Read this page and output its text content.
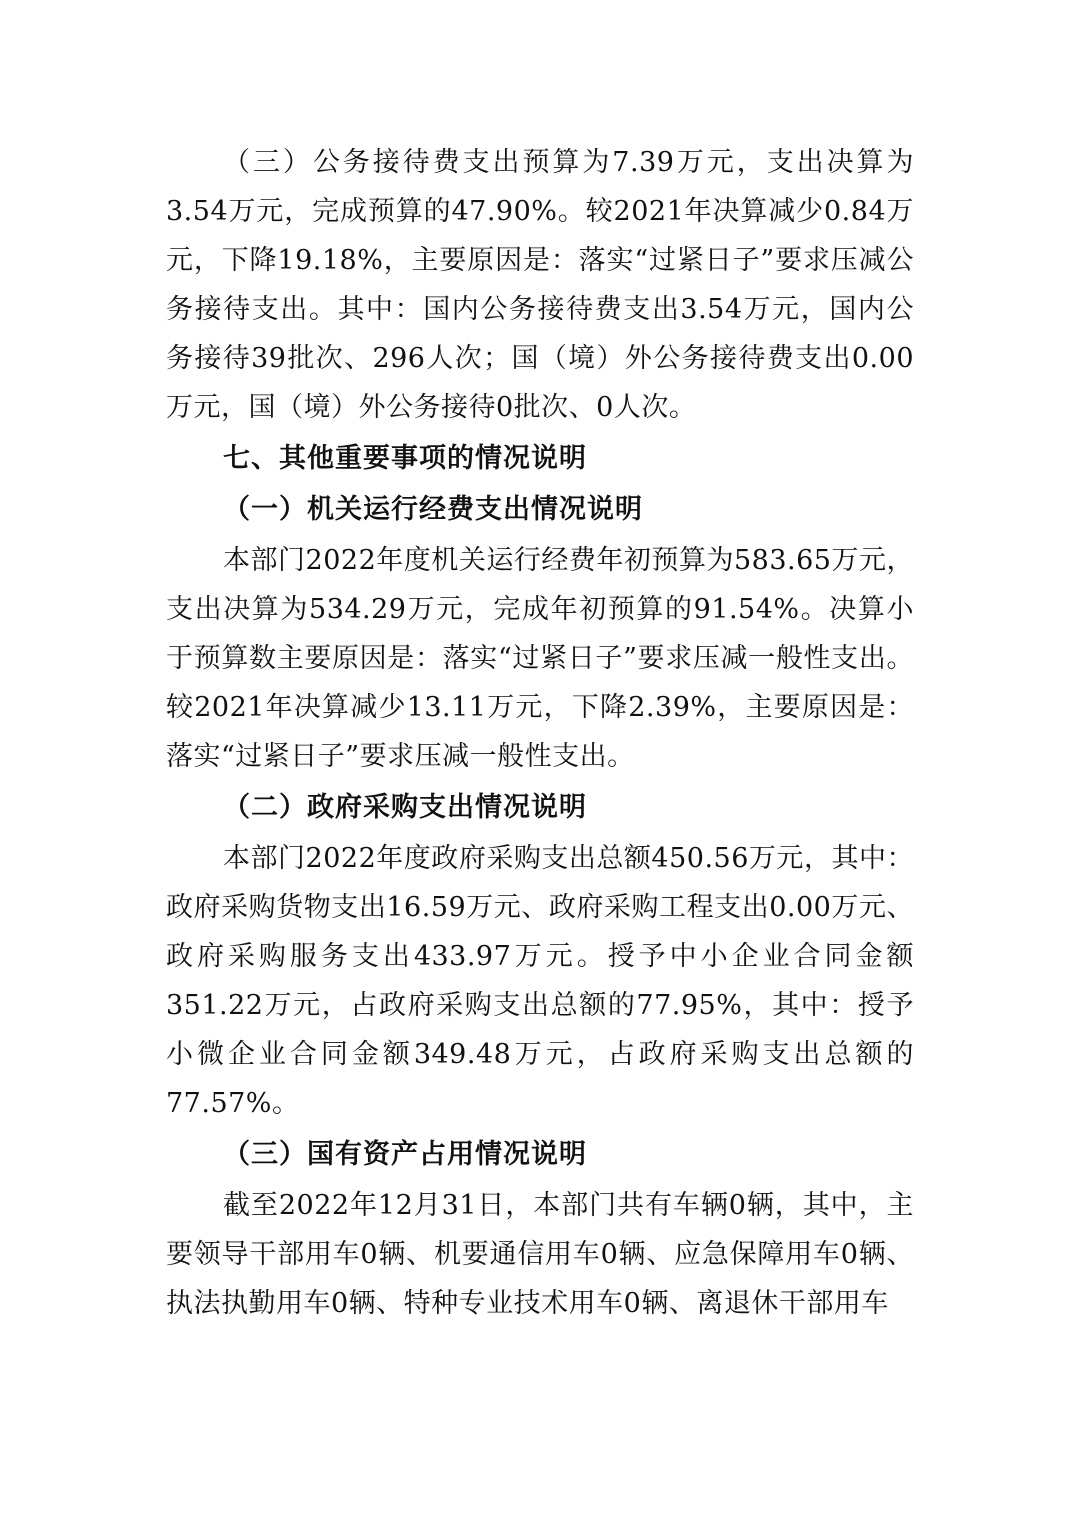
（三）公务接待费支出预算为7.39万元，支出决算为3.54万元，完成预算的47.90%。较2021年决算减少0.84万元，下降19.18%，主要原因是：落实“过紧日子”要求压减公务接待支出。其中：国内公务接待费支出3.54万元，国内公务接待39批次、296人次；国（境）外公务接待费支出0.00万元，国（境）外公务接待0批次、0人次。

七、其他重要事项的情况说明
（一）机关运行经费支出情况说明

本部门2022年度机关运行经费年初预算为583.65万元，支出决算为534.29万元，完成年初预算的91.54%。决算小于预算数主要原因是：落实“过紧日子”要求压减一般性支出。较2021年决算减少13.11万元，下降2.39%，主要原因是：落实“过紧日子”要求压减一般性支出。

（二）政府采购支出情况说明

本部门2022年度政府采购支出总额450.56万元，其中：政府采购货物支出16.59万元、政府采购工程支出0.00万元、政府采购服务支出433.97万元。授予中小企业合同金额351.22万元，占政府采购支出总额的77.95%，其中：授予小微企业合同金额349.48万元，占政府采购支出总额的77.57%。

（三）国有资产占用情况说明

截至2022年12月31日，本部门共有车辆0辆，其中，主要领导干部用车0辆、机要通信用车0辆、应急保障用车0辆、执法执勤用车0辆、特种专业技术用车0辆、离退休干部用车
